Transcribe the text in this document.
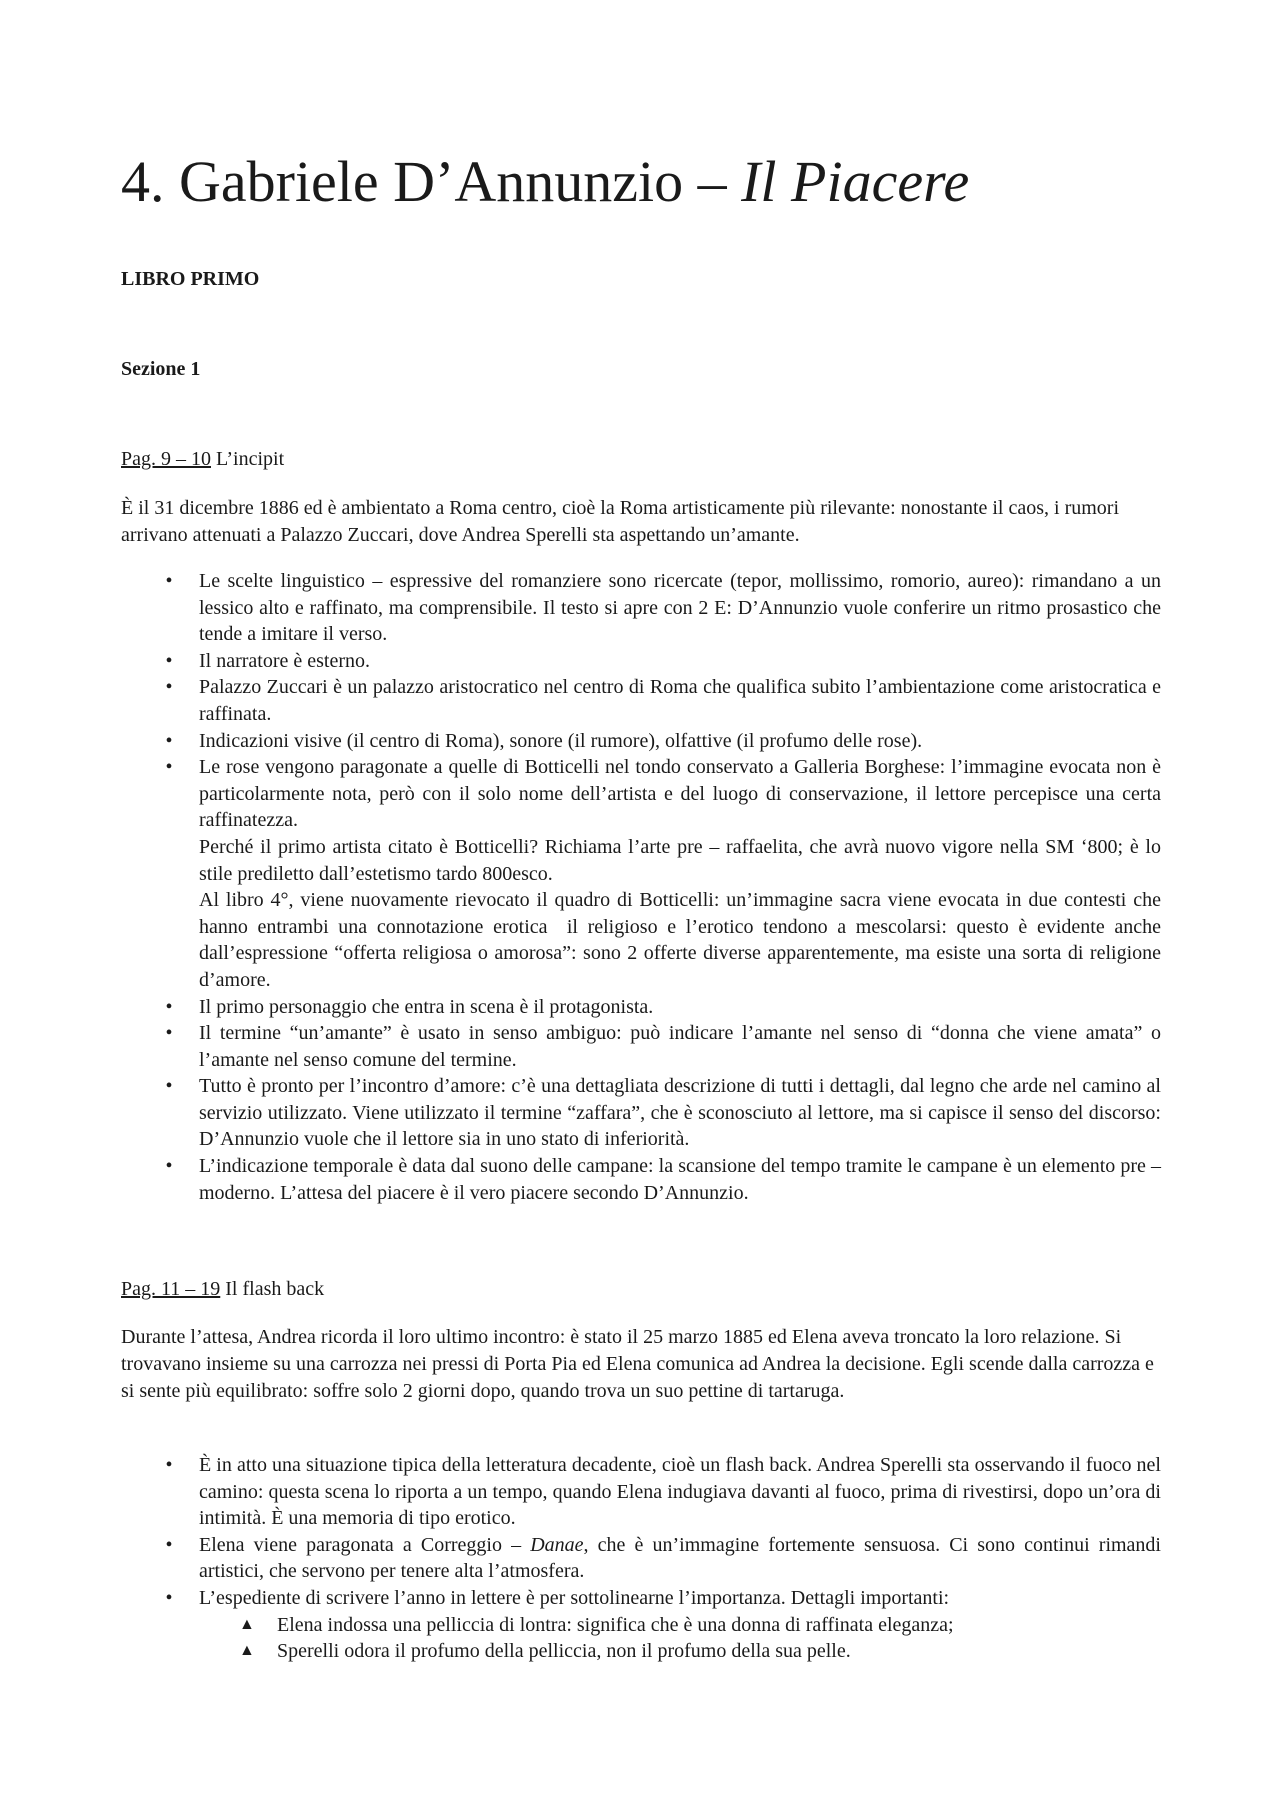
4. Gabriele D’Annunzio – Il Piacere
LIBRO PRIMO
Sezione 1
Pag. 9 – 10 L’incipit

È il 31 dicembre 1886 ed è ambientato a Roma centro, cioè la Roma artisticamente più rilevante: nonostante il caos, i rumori arrivano attenuati a Palazzo Zuccari, dove Andrea Sperelli sta aspettando un’amante.

•	Le scelte linguistico – espressive del romanziere sono ricercate (tepor, mollissimo, romorio, aureo): rimandano a un lessico alto e raffinato, ma comprensibile. Il testo si apre con 2 E: D’Annunzio vuole conferire un ritmo prosastico che tende a imitare il verso.

•	Il narratore è esterno.

•	Palazzo Zuccari è un palazzo aristocratico nel centro di Roma che qualifica subito l’ambientazione come aristocratica e raffinata.

•	Indicazioni visive (il centro di Roma), sonore (il rumore), olfattive (il profumo delle rose).

•	Le rose vengono paragonate a quelle di Botticelli nel tondo conservato a Galleria Borghese: l’immagine evocata non è particolarmente nota, però con il solo nome dell’artista e del luogo di conservazione, il lettore percepisce una certa raffinatezza.

Perché il primo artista citato è Botticelli? Richiama l’arte pre – raffaelita, che avrà nuovo vigore nella SM ‘800; è lo stile prediletto dall’estetismo tardo 800esco.

Al libro 4°, viene nuovamente rievocato il quadro di Botticelli: un’immagine sacra viene evocata in due contesti che hanno entrambi una connotazione erotica  il religioso e l’erotico tendono a mescolarsi: questo è evidente anche dall’espressione “offerta religiosa o amorosa”: sono 2 offerte diverse apparentemente, ma esiste una sorta di religione d’amore.

•	Il primo personaggio che entra in scena è il protagonista.

•	Il termine “un’amante” è usato in senso ambiguo: può indicare l’amante nel senso di “donna che viene amata” o l’amante nel senso comune del termine.

•	Tutto è pronto per l’incontro d’amore: c’è una dettagliata descrizione di tutti i dettagli, dal legno che arde nel camino al servizio utilizzato. Viene utilizzato il termine “zaffara”, che è sconosciuto al lettore, ma si capisce il senso del discorso: D’Annunzio vuole che il lettore sia in uno stato di inferiorità.

•	L’indicazione temporale è data dal suono delle campane: la scansione del tempo tramite le campane è un elemento pre – moderno. L’attesa del piacere è il vero piacere secondo D’Annunzio.

Pag. 11 – 19 Il flash back

Durante l’attesa, Andrea ricorda il loro ultimo incontro: è stato il 25 marzo 1885 ed Elena aveva troncato la loro relazione. Si trovavano insieme su una carrozza nei pressi di Porta Pia ed Elena comunica ad Andrea la decisione. Egli scende dalla carrozza e si sente più equilibrato: soffre solo 2 giorni dopo, quando trova un suo pettine di tartaruga.

•	È in atto una situazione tipica della letteratura decadente, cioè un flash back. Andrea Sperelli sta osservando il fuoco nel camino: questa scena lo riporta a un tempo, quando Elena indugiava davanti al fuoco, prima di rivestirsi, dopo un’ora di intimità. È una memoria di tipo erotico.

•	Elena viene paragonata a Correggio – Danae, che è un’immagine fortemente sensuosa. Ci sono continui rimandi artistici, che servono per tenere alta l’atmosfera.

•	L’espediente di scrivere l’anno in lettere è per sottolinearne l’importanza. Dettagli importanti:

▲ Elena indossa una pelliccia di lontra: significa che è una donna di raffinata eleganza;
▲ Sperelli odora il profumo della pelliccia, non il profumo della sua pelle.
